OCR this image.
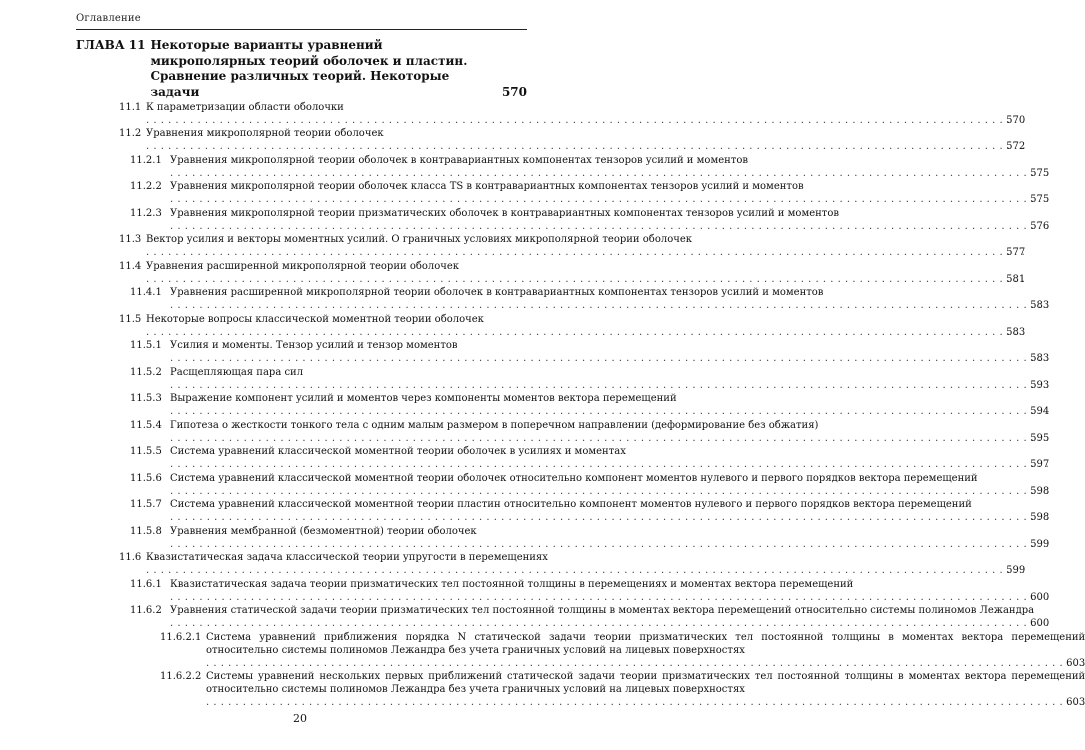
Оглавление
ГЛАВА 11 Некоторые варианты уравнений микрополярных теорий оболочек и пластин. Сравнение различных теорий. Некоторые задачи	570
11.1 К параметризации области оболочки
570
. . .
11.2 Уравнения микрополярной теории оболочек
572
. . .
11.2.1 Уравнения микрополярной теории оболочек в контравариантных компонентах тензоров усилий и моментов
575
. . .
11.2.2 Уравнения микрополярной теории оболочек класса TS в контравариантных компонентах тензоров усилий и моментов
575
. . .
11.2.3 Уравнения микрополярной теории призматических оболочек в контравариантных компонентах тензоров усилий и моментов
576
. . .
11.3 Вектор усилия и векторы моментных усилий. О граничных условиях микрополярной теории оболочек
577
. . .
11.4 Уравнения расширенной микрополярной теории оболочек
581
. . .
11.4.1 Уравнения расширенной микрополярной теории оболочек в контравариантных компонентах тензоров усилий и моментов
583
. . .
11.5 Некоторые вопросы классической моментной теории оболочек
583
. . .
11.5.1 Усилия и моменты. Тензор усилий и тензор моментов
583
. . .
11.5.2 Расщепляющая пара сил
593
. . .
11.5.3 Выражение компонент усилий и моментов через компоненты моментов вектора перемещений
594
. . .
11.5.4 Гипотеза о жесткости тонкого тела с одним малым размером в поперечном направлении (деформирование без обжатия)
595
. . .
11.5.5 Система уравнений классической моментной теории оболочек в усилиях и моментах
597
. . .
11.5.6 Система уравнений классической моментной теории оболочек относительно компонент моментов нулевого и первого порядков вектора перемещений
598
. . .
11.5.7 Система уравнений классической моментной теории пластин относительно компонент моментов нулевого и первого порядков вектора перемещений
598
. . .
11.5.8 Уравнения мембранной (безмоментной) теории оболочек
599
. . .
11.6 Квазистатическая задача классической теории упругости в перемещениях
599
. . .
11.6.1 Квазистатическая задача теории призматических тел постоянной толщины в перемещениях и моментах вектора перемещений
600
. . .
11.6.2 Уравнения статической задачи теории призматических тел постоянной толщины в моментах вектора перемещений относительно системы полиномов Лежандра
600
. . .
11.6.2.1 Система уравнений приближения порядка N статической задачи теории призматических тел постоянной толщины в моментах вектора перемещений относительно системы полиномов Лежандра без учета граничных условий на лицевых поверхностях
603
. . .
11.6.2.2 Системы уравнений нескольких первых приближений статической задачи теории призматических тел постоянной толщины в моментах вектора перемещений относительно системы полиномов Лежандра без учета граничных условий на лицевых поверхностях
603
. . .
20
